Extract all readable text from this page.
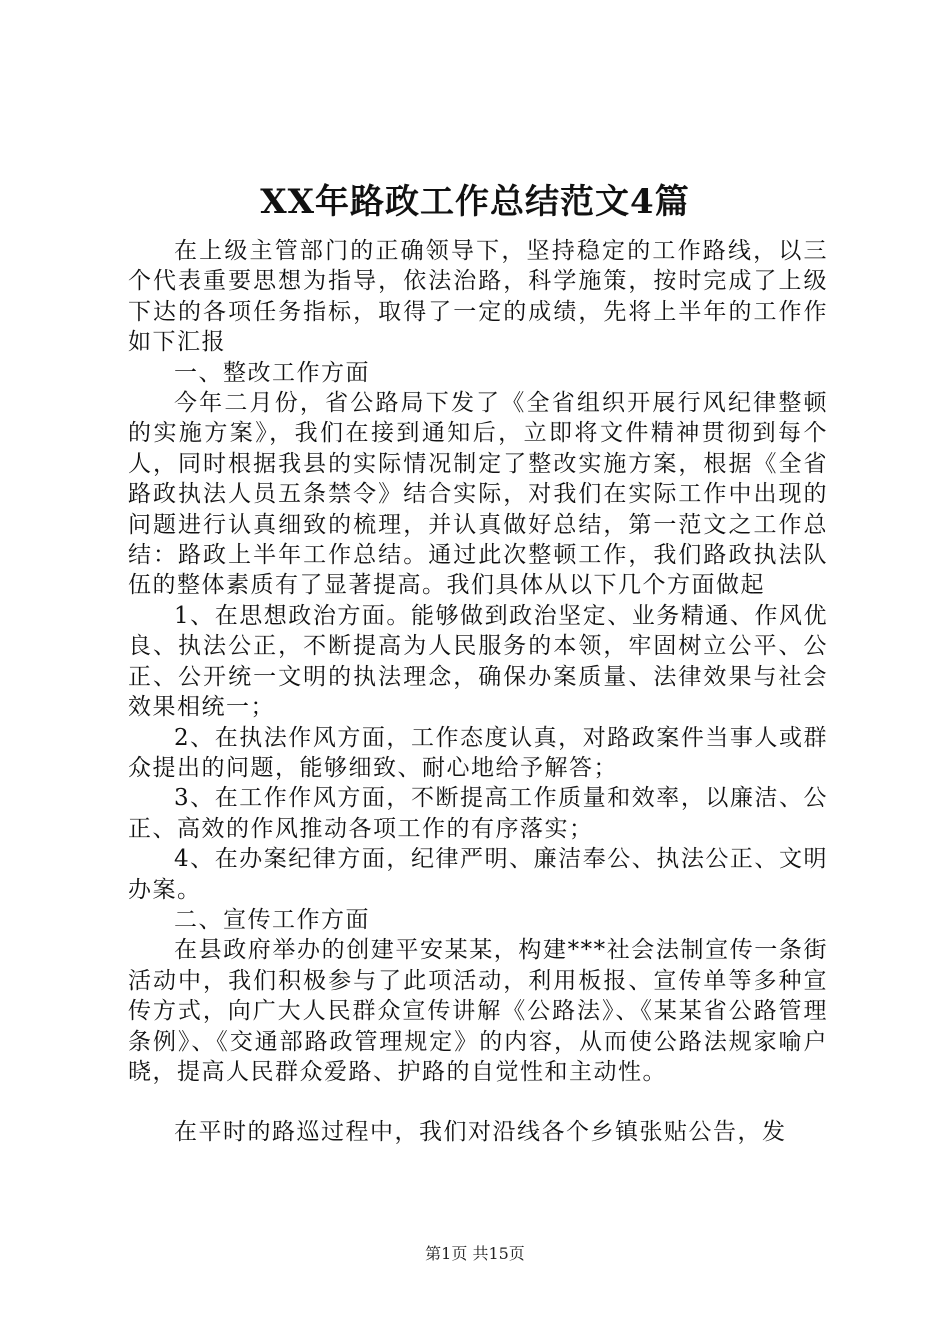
XX年路政工作总结范文4篇

在上级主管部门的正确领导下，坚持稳定的工作路线，以三个代表重要思想为指导，依法治路，科学施策，按时完成了上级下达的各项任务指标，取得了一定的成绩，先将上半年的工作作如下汇报

一、整改工作方面

今年二月份，省公路局下发了《全省组织开展行风纪律整顿的实施方案》，我们在接到通知后，立即将文件精神贯彻到每个人，同时根据我县的实际情况制定了整改实施方案，根据《全省路政执法人员五条禁令》结合实际，对我们在实际工作中出现的问题进行认真细致的梳理，并认真做好总结，第一范文之工作总结：路政上半年工作总结。通过此次整顿工作，我们路政执法队伍的整体素质有了显著提高。我们具体从以下几个方面做起

1、在思想政治方面。能够做到政治坚定、业务精通、作风优良、执法公正，不断提高为人民服务的本领，牢固树立公平、公正、公开统一文明的执法理念，确保办案质量、法律效果与社会效果相统一；

2、在执法作风方面，工作态度认真，对路政案件当事人或群众提出的问题，能够细致、耐心地给予解答；

3、在工作作风方面，不断提高工作质量和效率，以廉洁、公正、高效的作风推动各项工作的有序落实；

4、在办案纪律方面，纪律严明、廉洁奉公、执法公正、文明办案。

二、宣传工作方面

在县政府举办的创建平安某某，构建***社会法制宣传一条街活动中，我们积极参与了此项活动，利用板报、宣传单等多种宣传方式，向广大人民群众宣传讲解《公路法》、《某某省公路管理条例》、《交通部路政管理规定》的内容，从而使公路法规家喻户晓，提高人民群众爱路、护路的自觉性和主动性。

在平时的路巡过程中，我们对沿线各个乡镇张贴公告，发

第1页 共15页
